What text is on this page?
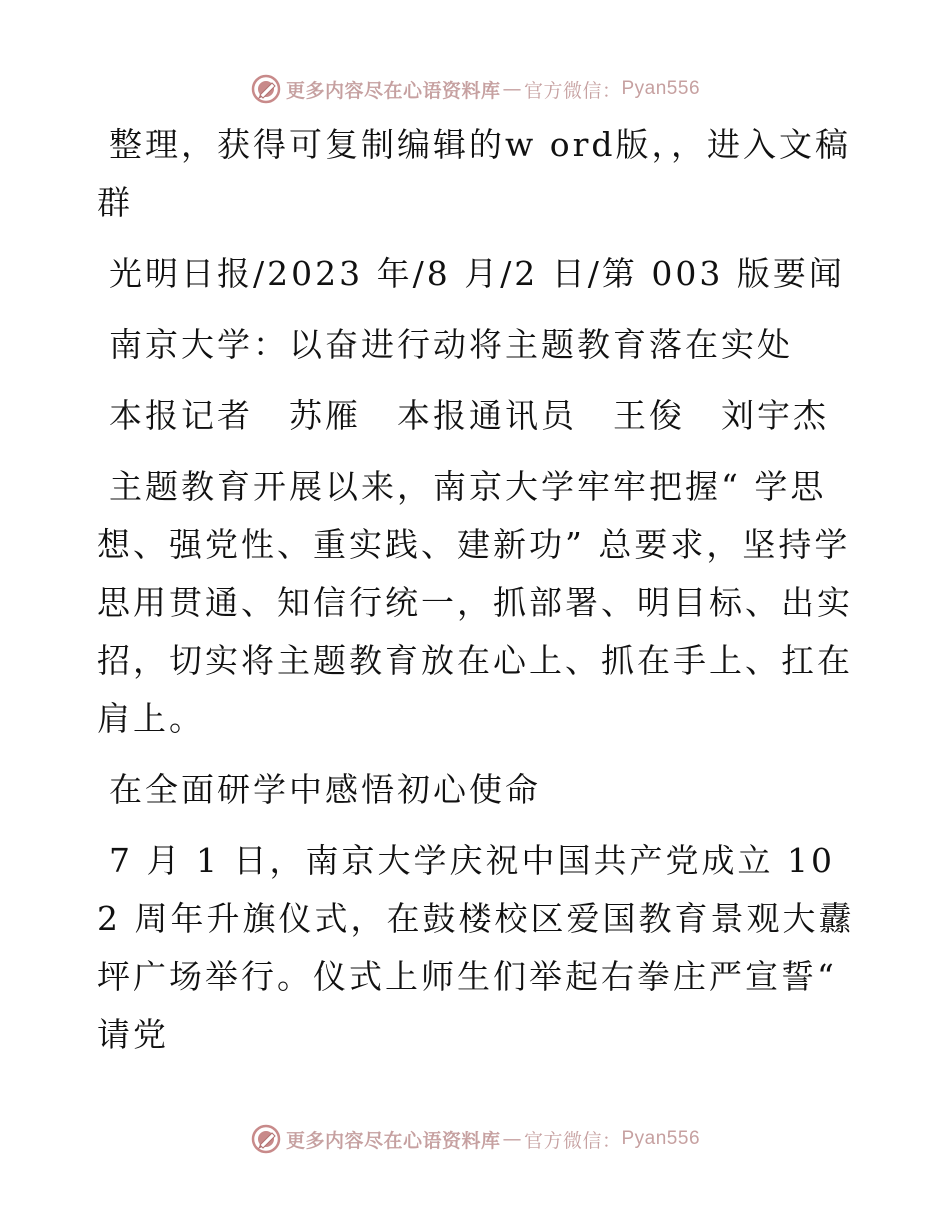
更多内容尽在心语资料库 — 官方微信： Pyan556

整理，获得可复制编辑的w ord版，，进入文稿群

光明日报/2023 年/8 月/2 日/第 003 版要闻

南京大学：以奋进行动将主题教育落在实处

本报记者　苏雁　本报通讯员　王俊　刘宇杰

主题教育开展以来，南京大学牢牢把握“ 学思想、强党性、重实践、建新功” 总要求，坚持学思用贯通、知信行统一，抓部署、明目标、出实招，切实将主题教育放在心上、抓在手上、扛在肩上。

在全面研学中感悟初心使命

7 月 1 日，南京大学庆祝中国共产党成立 102 周年升旗仪式，在鼓楼校区爱国教育景观大纛坪广场举行。仪式上师生们举起右拳庄严宣誓“ 请党

更多内容尽在心语资料库 — 官方微信： Pyan556
